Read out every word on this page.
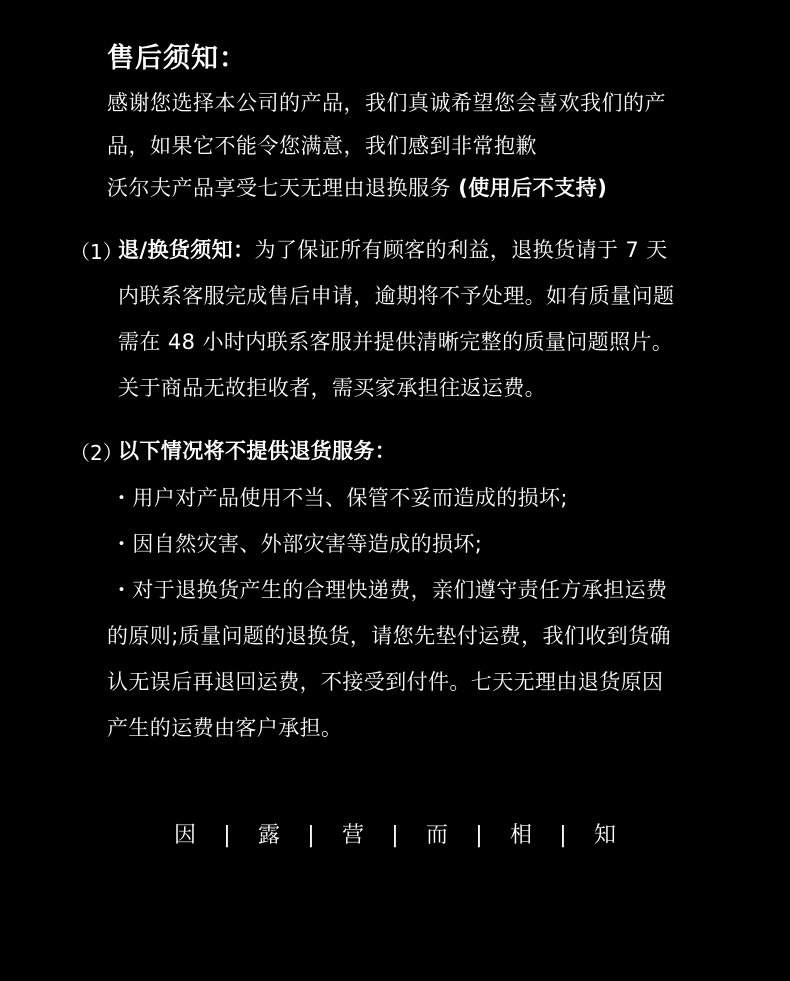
售后须知：
感谢您选择本公司的产品，我们真诚希望您会喜欢我们的产
品，如果它不能令您满意，我们感到非常抱歉
沃尔夫产品享受七天无理由退换服务 (使用后不支持)
（1）
退/换货须知：为了保证所有顾客的利益，退换货请于 7 天
内联系客服完成售后申请，逾期将不予处理。如有质量问题
需在 48 小时内联系客服并提供清晰完整的质量问题照片。
关于商品无故拒收者，需买家承担往返运费。
（2）
以下情况将不提供退货服务：
・用户对产品使用不当、保管不妥而造成的损坏;
・因自然灾害、外部灾害等造成的损坏;
・对于退换货产生的合理快递费，亲们遵守责任方承担运费
的原则;质量问题的退换货，请您先垫付运费，我们收到货确
认无误后再退回运费，不接受到付件。七天无理由退货原因
产生的运费由客户承担。
因 | 露 | 营 | 而 | 相 | 知
